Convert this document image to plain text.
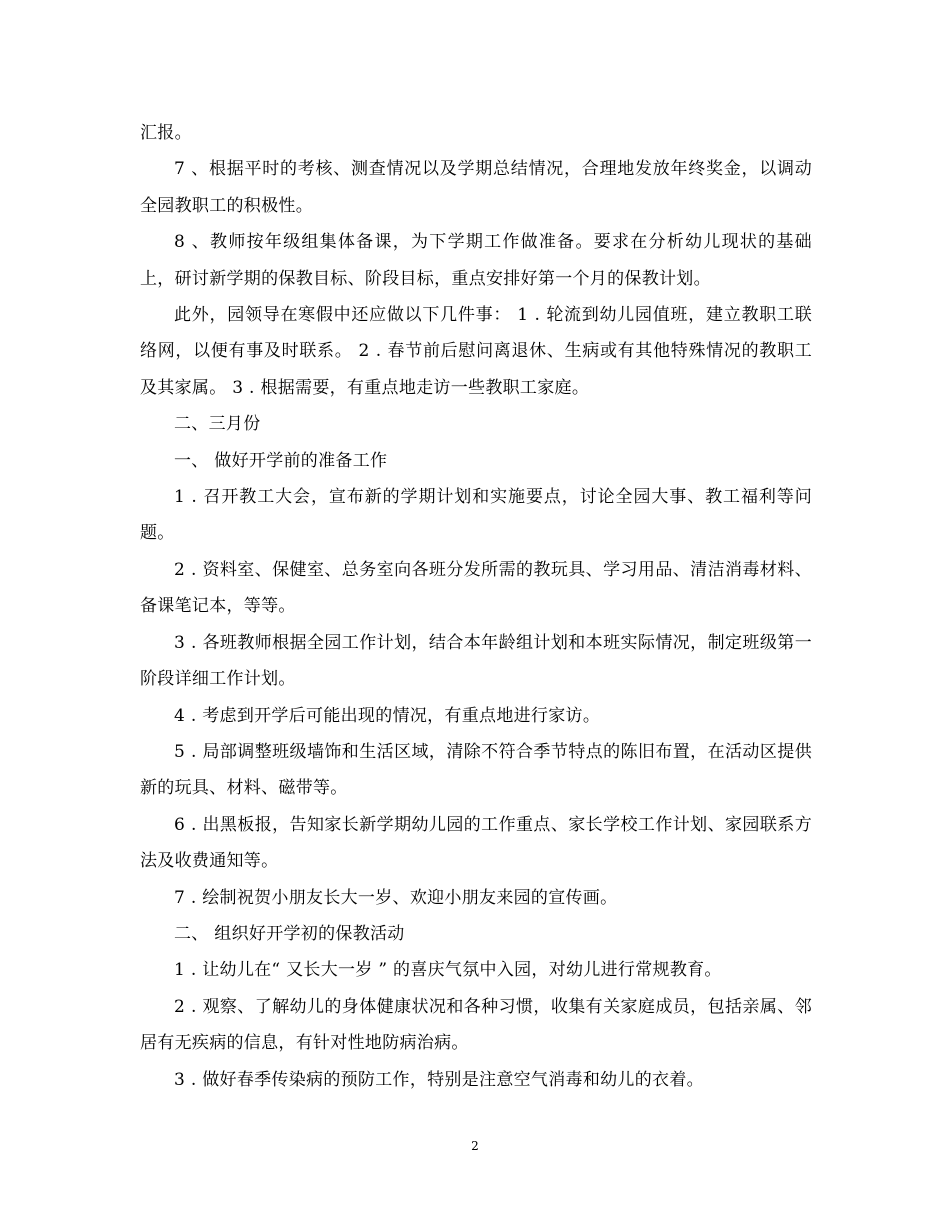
汇报。

7 、根据平时的考核、测查情况以及学期总结情况，合理地发放年终奖金，以调动全园教职工的积极性。

8 、教师按年级组集体备课，为下学期工作做准备。要求在分析幼儿现状的基础上，研讨新学期的保教目标、阶段目标，重点安排好第一个月的保教计划。

此外，园领导在寒假中还应做以下几件事： 1 . 轮流到幼儿园值班，建立教职工联络网，以便有事及时联系。 2 . 春节前后慰问离退休、生病或有其他特殊情况的教职工及其家属。 3 . 根据需要，有重点地走访一些教职工家庭。

二、三月份

一、 做好开学前的准备工作

1 . 召开教工大会，宣布新的学期计划和实施要点，讨论全园大事、教工福利等问题。

2 . 资料室、保健室、总务室向各班分发所需的教玩具、学习用品、清洁消毒材料、备课笔记本，等等。

3 . 各班教师根据全园工作计划，结合本年龄组计划和本班实际情况，制定班级第一阶段详细工作计划。

4 . 考虑到开学后可能出现的情况，有重点地进行家访。

5 . 局部调整班级墙饰和生活区域，清除不符合季节特点的陈旧布置，在活动区提供新的玩具、材料、磁带等。

6 . 出黑板报，告知家长新学期幼儿园的工作重点、家长学校工作计划、家园联系方法及收费通知等。

7 . 绘制祝贺小朋友长大一岁、欢迎小朋友来园的宣传画。

二、 组织好开学初的保教活动

1 . 让幼儿在“ 又长大一岁 ” 的喜庆气氛中入园，对幼儿进行常规教育。

2 . 观察、了解幼儿的身体健康状况和各种习惯，收集有关家庭成员，包括亲属、邻居有无疾病的信息，有针对性地防病治病。

3 . 做好春季传染病的预防工作，特别是注意空气消毒和幼儿的衣着。

2
